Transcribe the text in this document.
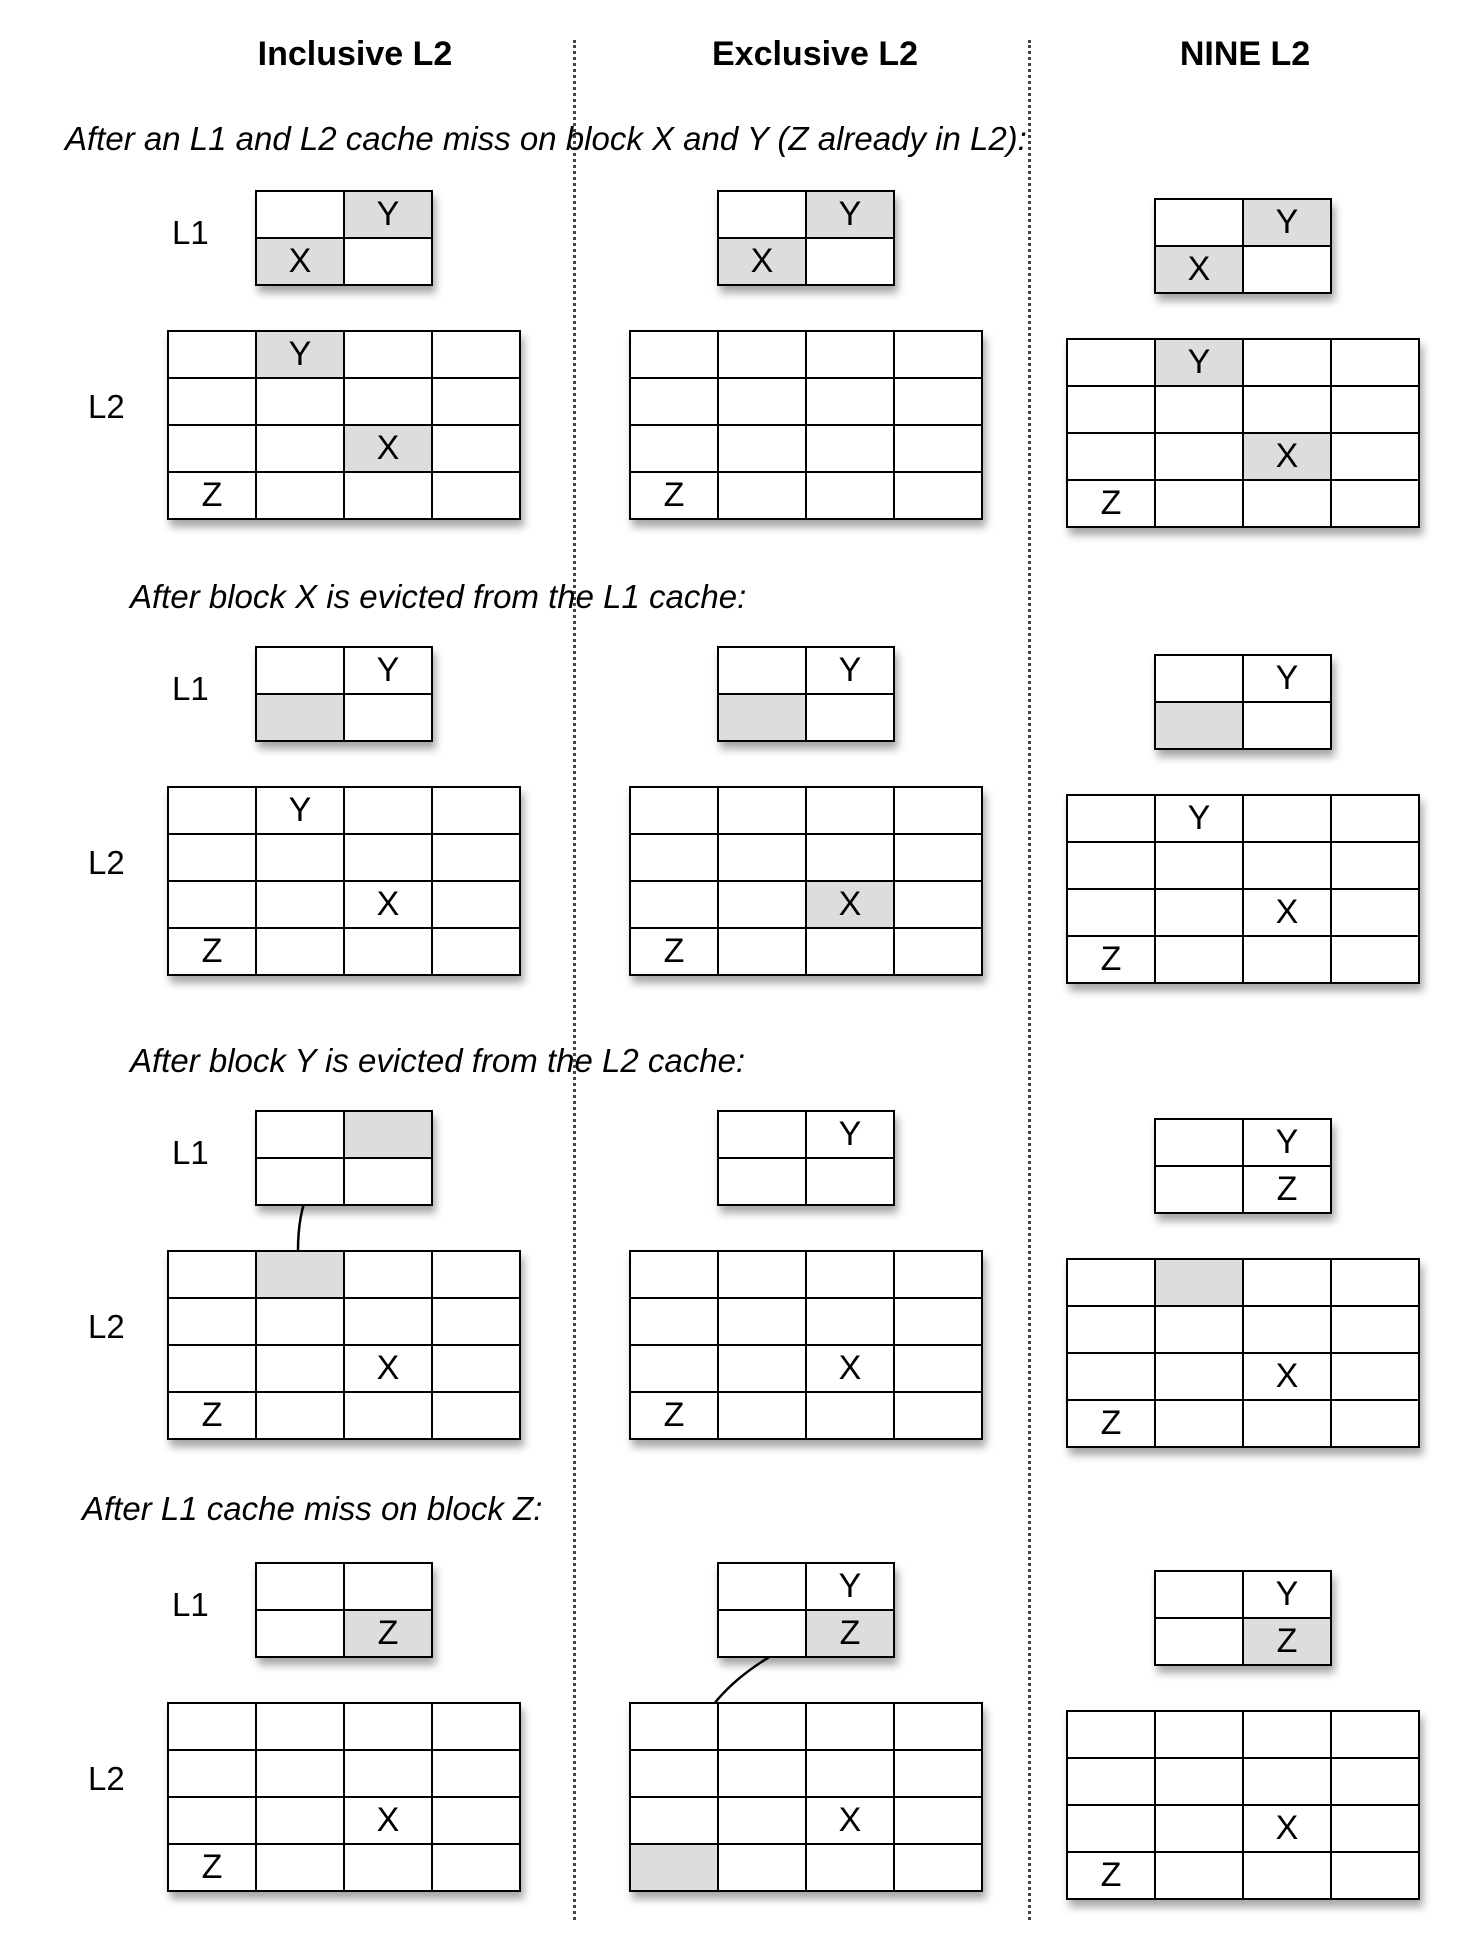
Inclusive L2	Exclusive L2	NINE L2
After an L1 and L2 cache miss on block X and Y (Z already in L2):
After block X is evicted from the L1 cache:
After block Y is evicted from the L2 cache:
After L1 cache miss on block Z:
L1
L2
	Y
X	
	Y		

		X	
Z			
	Y
X	

Z			
	Y
X	
	Y		

		X	
Z			
L1
L2
	Y

	Y		

		X	
Z			
	Y

		X	
Z			
	Y

	Y		

		X	
Z			
L1
L2

		X	
Z			
	Y

		X	
Z			
	Y
	Z

		X	
Z			
L1
L2

	Z

		X	
Z			
	Y
	Z

		X	

	Y
	Z

		X	
Z			
